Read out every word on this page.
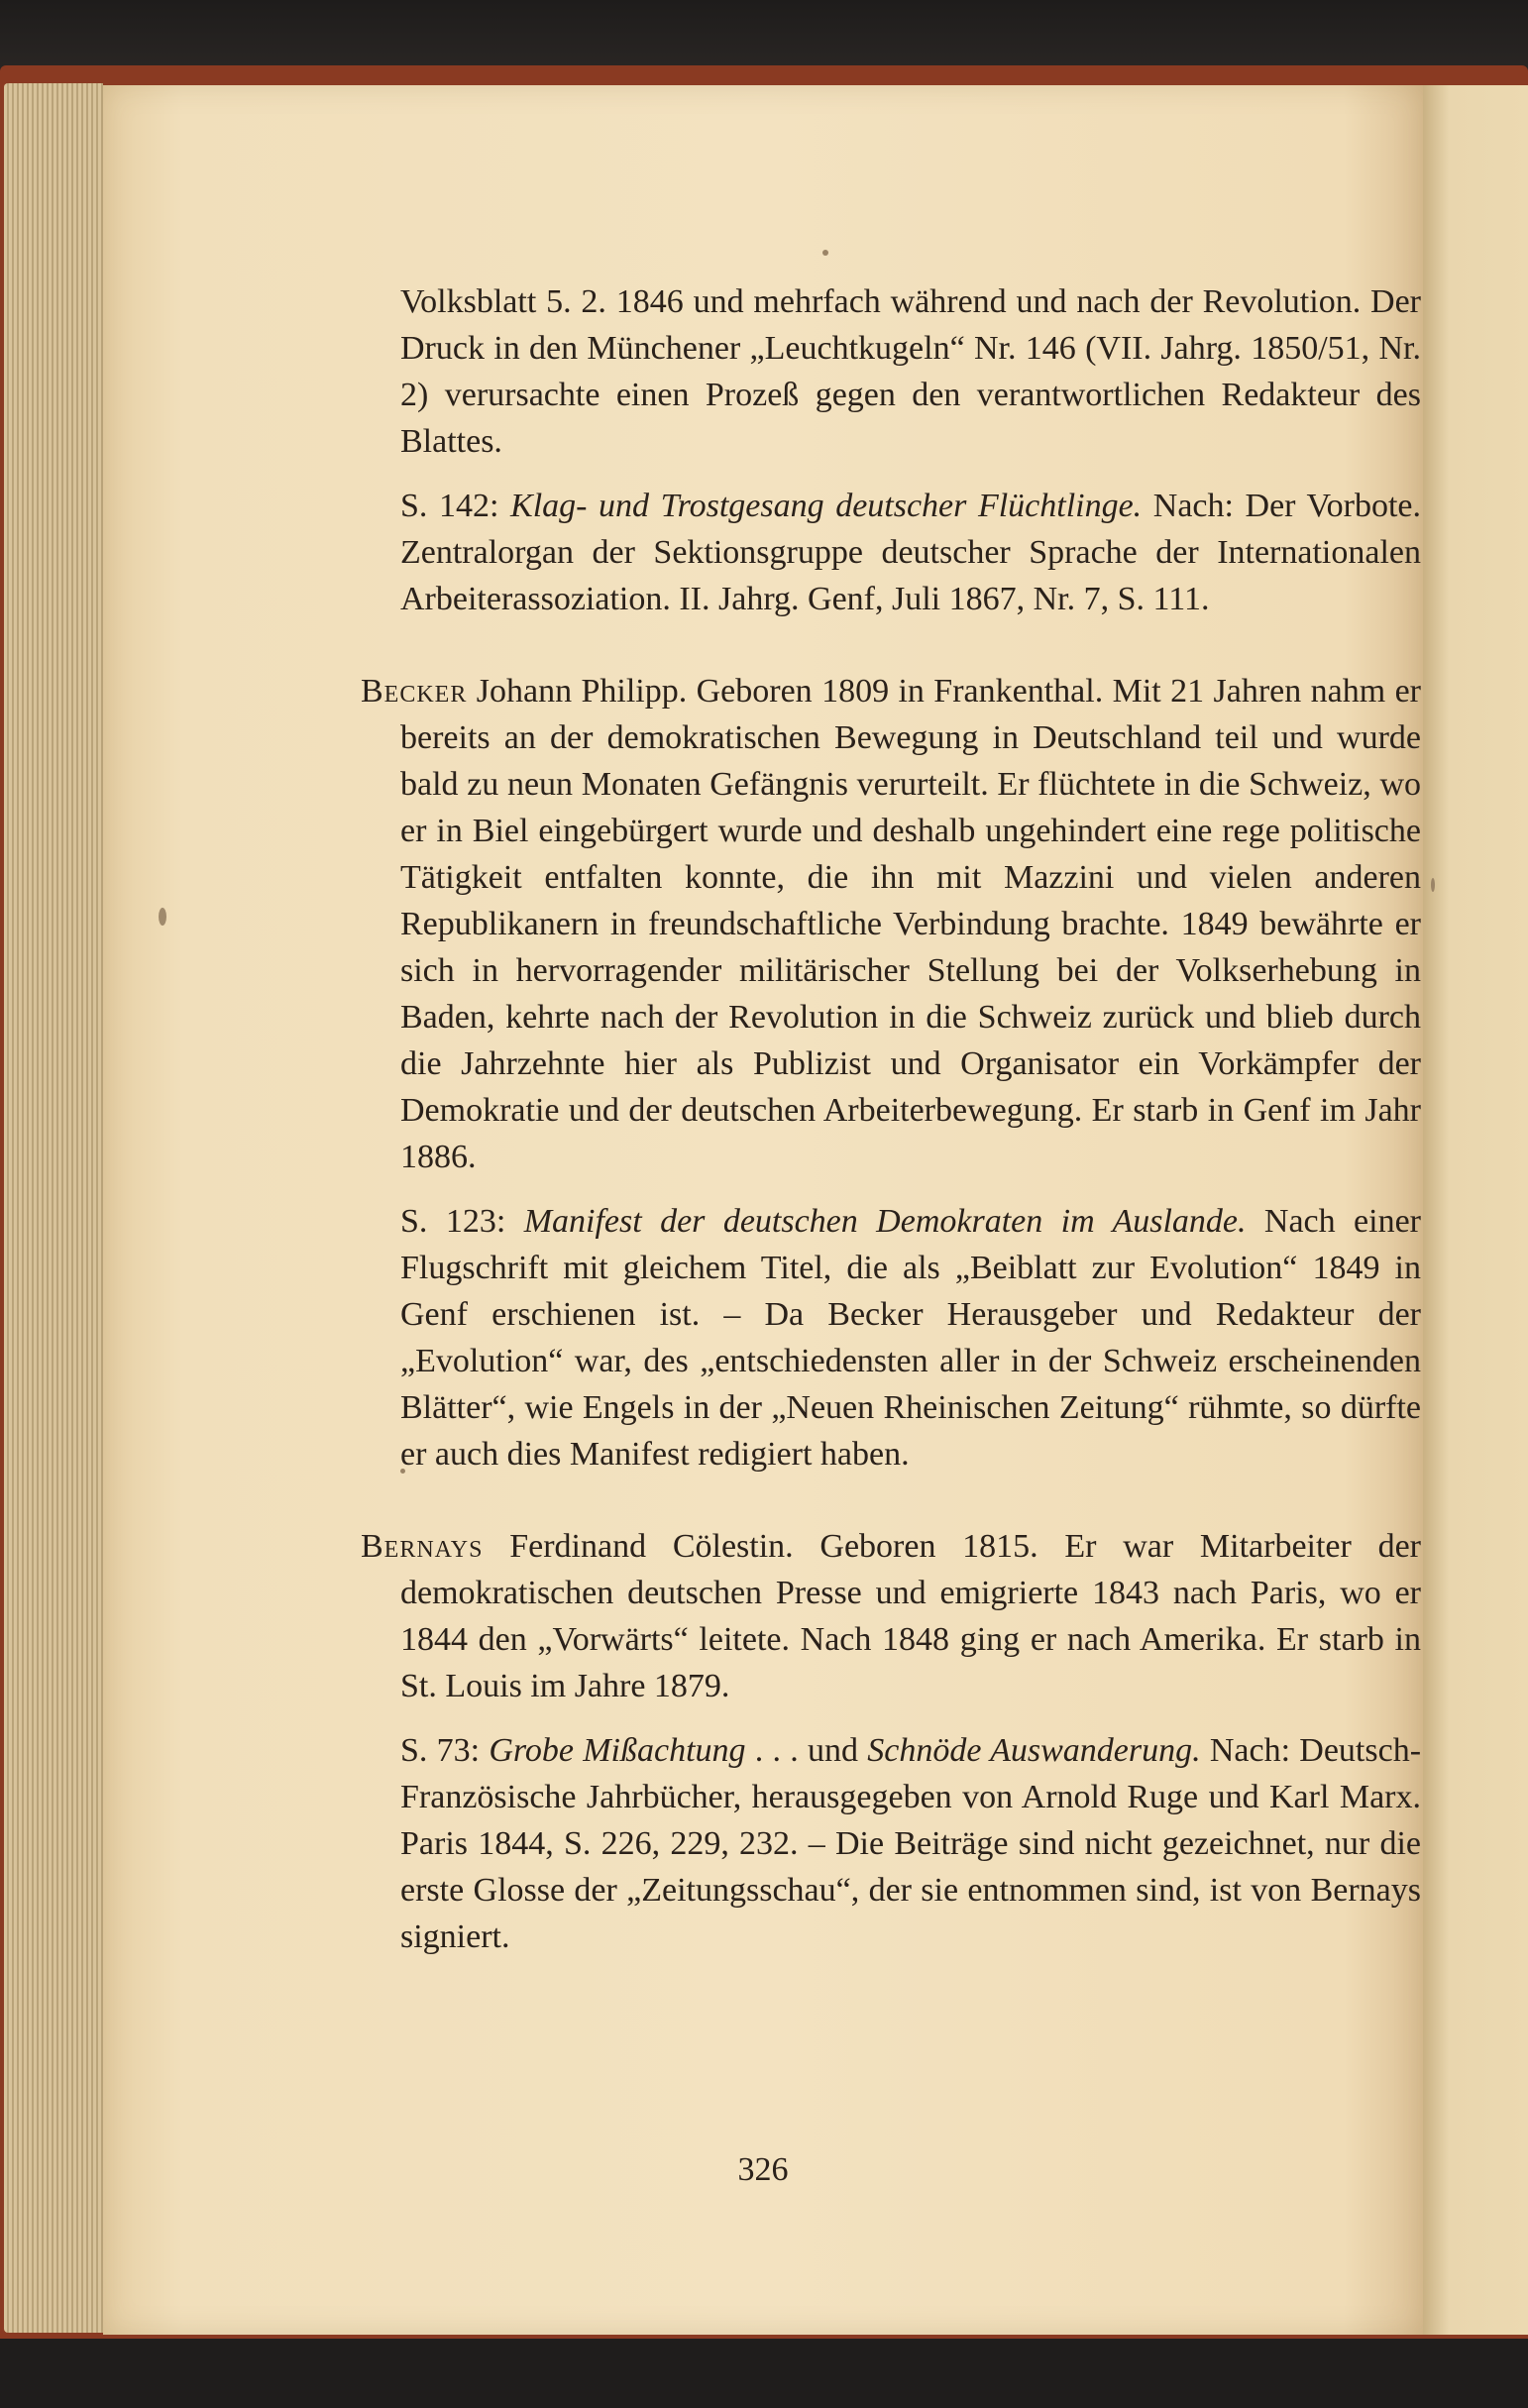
Volksblatt 5. 2. 1846 und mehrfach während und nach der Revolution. Der Druck in den Münchener „Leuchtkugeln“ Nr. 146 (VII. Jahrg. 1850/51, Nr. 2) verursachte einen Prozeß gegen den verantwortlichen Redakteur des Blattes.

S. 142: Klag- und Trostgesang deutscher Flüchtlinge. Nach: Der Vorbote. Zentralorgan der Sektionsgruppe deutscher Sprache der Internationalen Arbeiterassoziation. II. Jahrg. Genf, Juli 1867, Nr. 7, S. 111.

Becker Johann Philipp. Geboren 1809 in Frankenthal. Mit 21 Jahren nahm er bereits an der demokratischen Bewegung in Deutschland teil und wurde bald zu neun Monaten Gefängnis verurteilt. Er flüchtete in die Schweiz, wo er in Biel eingebürgert wurde und deshalb ungehindert eine rege politische Tätigkeit entfalten konnte, die ihn mit Mazzini und vielen anderen Republikanern in freundschaftliche Verbindung brachte. 1849 bewährte er sich in hervorragender militärischer Stellung bei der Volkserhebung in Baden, kehrte nach der Revolution in die Schweiz zurück und blieb durch die Jahrzehnte hier als Publizist und Organisator ein Vorkämpfer der Demokratie und der deutschen Arbeiterbewegung. Er starb in Genf im Jahr 1886.

S. 123: Manifest der deutschen Demokraten im Auslande. Nach einer Flugschrift mit gleichem Titel, die als „Beiblatt zur Evolution“ 1849 in Genf erschienen ist. – Da Becker Herausgeber und Redakteur der „Evolution“ war, des „entschiedensten aller in der Schweiz erscheinenden Blätter“, wie Engels in der „Neuen Rheinischen Zeitung“ rühmte, so dürfte er auch dies Manifest redigiert haben.

Bernays Ferdinand Cölestin. Geboren 1815. Er war Mitarbeiter der demokratischen deutschen Presse und emigrierte 1843 nach Paris, wo er 1844 den „Vorwärts“ leitete. Nach 1848 ging er nach Amerika. Er starb in St. Louis im Jahre 1879.

S. 73: Grobe Mißachtung . . . und Schnöde Auswanderung. Nach: Deutsch-Französische Jahrbücher, herausgegeben von Arnold Ruge und Karl Marx. Paris 1844, S. 226, 229, 232. – Die Beiträge sind nicht gezeichnet, nur die erste Glosse der „Zeitungsschau“, der sie entnommen sind, ist von Bernays signiert.

326
